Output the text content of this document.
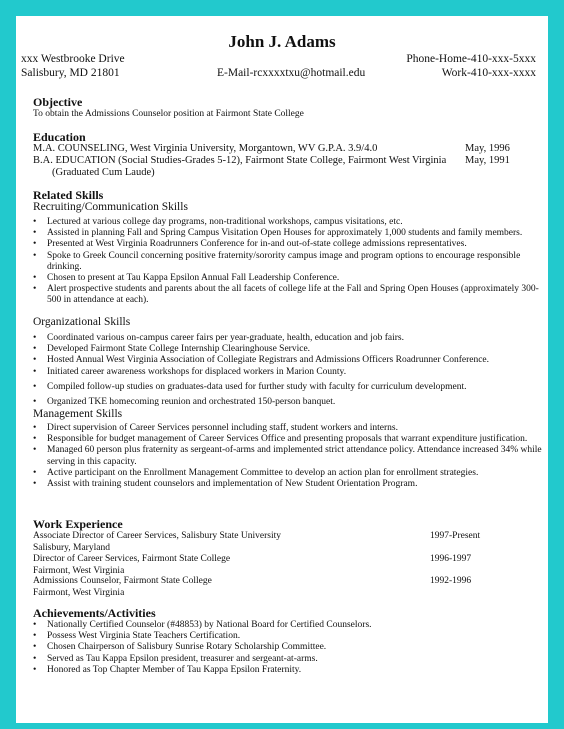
John J. Adams
xxx Westbrooke Drive
Salisbury, MD 21801	E-Mail-rcxxxxtxu@hotmail.edu
Phone-Home-410-xxx-5xxx
Work-410-xxx-xxxx
Objective
To obtain the Admissions Counselor position at Fairmont State College
Education
M.A. COUNSELING, West Virginia University, Morgantown, WV G.P.A. 3.9/4.0	May, 1996
B.A. EDUCATION (Social Studies-Grades 5-12), Fairmont State College, Fairmont West Virginia May, 1991
(Graduated Cum Laude)
Related Skills
Recruiting/Communication Skills
• Lectured at various college day programs, non-traditional workshops, campus visitations, etc.
• Assisted in planning Fall and Spring Campus Visitation Open Houses for approximately 1,000 students and family members.
• Presented at West Virginia Roadrunners Conference for in-and out-of-state college admissions representatives.
• Spoke to Greek Council concerning positive fraternity/sorority campus image and program options to encourage responsible
drinking.
• Chosen to present at Tau Kappa Epsilon Annual Fall Leadership Conference.
• Alert prospective students and parents about the all facets of college life at the Fall and Spring Open Houses (approximately 300-
500 in attendance at each).
Organizational Skills
• Coordinated various on-campus career fairs per year-graduate, health, education and job fairs.
• Developed Fairmont State College Internship Clearinghouse Service.
• Hosted Annual West Virginia Association of Collegiate Registrars and Admissions Officers Roadrunner Conference.
• Initiated career awareness workshops for displaced workers in Marion County.
• Compiled follow-up studies on graduates-data used for further study with faculty for curriculum development.
• Organized TKE homecoming reunion and orchestrated 150-person banquet.
Management Skills
• Direct supervision of Career Services personnel including staff, student workers and interns.
• Responsible for budget management of Career Services Office and presenting proposals that warrant expenditure justification.
• Managed 60 person plus fraternity as sergeant-of-arms and implemented strict attendance policy. Attendance increased 34% while
serving in this capacity.
• Active participant on the Enrollment Management Committee to develop an action plan for enrollment strategies.
• Assist with training student counselors and implementation of New Student Orientation Program.
Work Experience
Associate Director of Career Services, Salisbury State University
Salisbury, Maryland
1997-Present
Director of Career Services, Fairmont State College
Fairmont, West Virginia
1996-1997
Admissions Counselor, Fairmont State College
Fairmont, West Virginia
1992-1996
Achievements/Activities
• Nationally Certified Counselor (#48853) by National Board for Certified Counselors.
• Possess West Virginia State Teachers Certification.
• Chosen Chairperson of Salisbury Sunrise Rotary Scholarship Committee.
• Served as Tau Kappa Epsilon president, treasurer and sergeant-at-arms.
• Honored as Top Chapter Member of Tau Kappa Epsilon Fraternity.
